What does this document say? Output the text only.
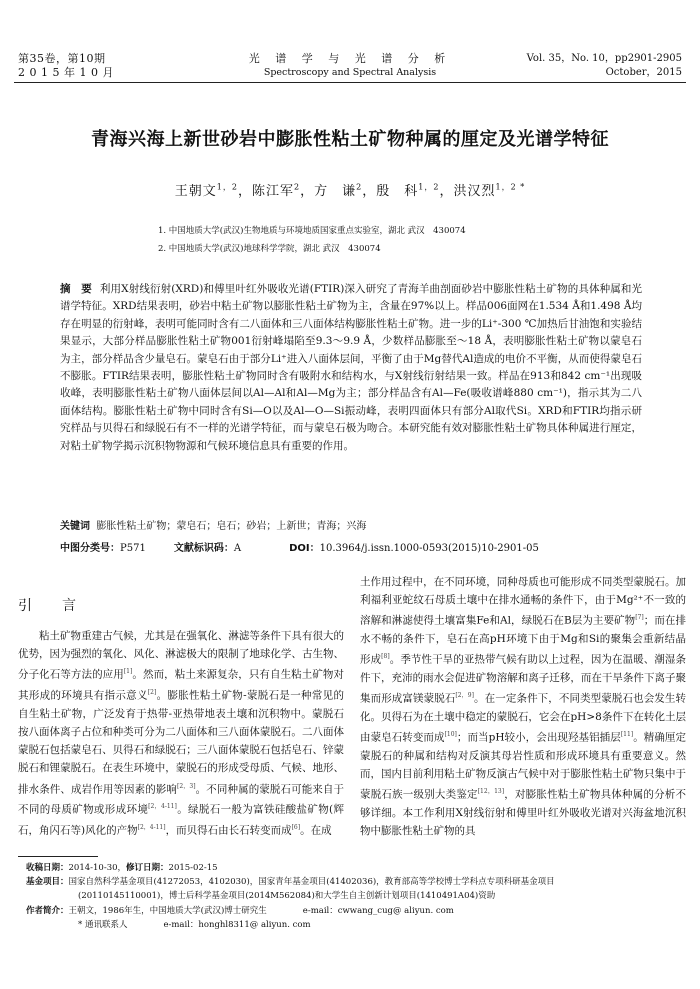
第35卷，第10期
2 0 1 5 年 1 0 月
光 谱 学 与 光 谱 分 析
Spectroscopy and Spectral Analysis
Vol. 35，No. 10，pp2901-2905
October，2015
青海兴海上新世砂岩中膨胀性粘土矿物种属的厘定及光谱学特征
王朝文$^{1,2}$，陈江军$^2$，方　谦$^2$，殷　科$^{1,2}$，洪汉烈$^{1,2 *}$
1. 中国地质大学(武汉)生物地质与环境地质国家重点实验室，湖北 武汉　430074
2. 中国地质大学(武汉)地球科学学院，湖北 武汉　430074
摘　要 利用X射线衍射(XRD)和傅里叶红外吸收光谱(FTIR)深入研究了青海羊曲剖面砂岩中膨胀性粘土矿物的具体种属和光谱学特征。XRD结果表明，砂岩中粘土矿物以膨胀性粘土矿物为主，含量在97%以上。样品006面网在1.534 Å和1.498 Å均存在明显的衍射峰，表明可能同时含有二八面体和三八面体结构膨胀性粘土矿物。进一步的Li⁺-300 ℃加热后甘油饱和实验结果显示，大部分样品膨胀性粘土矿物001衍射峰塌陷至9.3～9.9 Å，少数样品膨胀至～18 Å，表明膨胀性粘土矿物以蒙皂石为主，部分样品含少量皂石。蒙皂石由于部分Li⁺进入八面体层间，平衡了由于Mg替代Al造成的电价不平衡，从而使得蒙皂石不膨胀。FTIR结果表明，膨胀性粘土矿物同时含有吸附水和结构水，与X射线衍射结果一致。样品在913和842 cm⁻¹出现吸收峰，表明膨胀性粘土矿物八面体层间以Al—Al和Al—Mg为主；部分样品含有Al—Fe(吸收谱峰880 cm⁻¹)，指示其为二八面体结构。膨胀性粘土矿物中同时含有Si—O以及Al—O—Si振动峰，表明四面体只有部分Al取代Si。XRD和FTIR均指示研究样品与贝得石和绿脱石有不一样的光谱学特征，而与蒙皂石极为吻合。本研究能有效对膨胀性粘土矿物具体种属进行厘定，对粘土矿物学揭示沉积物物源和气候环境信息具有重要的作用。
关键词 膨胀性粘土矿物；蒙皂石；皂石；砂岩；上新世；青海；兴海
中图分类号：P571	文献标识码：A	DOI：10.3964/j.issn.1000-0593(2015)10-2901-05
引　言

粘土矿物重建古气候，尤其是在强氧化、淋滤等条件下具有很大的优势，因为强烈的氧化、风化、淋滤极大的限制了地球化学、古生物、分子化石等方法的应用[1]。然而，粘土来源复杂，只有自生粘土矿物对其形成的环境具有指示意义[2]。膨胀性粘土矿物-蒙脱石是一种常见的自生粘土矿物，广泛发育于热带-亚热带地表土壤和沉积物中。蒙脱石按八面体离子占位和种类可分为二八面体和三八面体蒙脱石。二八面体蒙脱石包括蒙皂石、贝得石和绿脱石；三八面体蒙脱石包括皂石、锌蒙脱石和锂蒙脱石。在表生环境中，蒙脱石的形成受母质、气候、地形、排水条件、成岩作用等因素的影响[2，3]。不同种属的蒙脱石可能来自于不同的母质矿物或形成环境[2，4-11]。绿脱石一般为富铁硅酸盐矿物(辉石，角闪石等)风化的产物[2，4-11]，而贝得石由长石转变而成[6]。在成

土作用过程中，在不同环境，同种母质也可能形成不同类型蒙脱石。加利福利亚蛇纹石母质土壤中在排水通畅的条件下，由于Mg²⁺不一致的溶解和淋滤使得土壤富集Fe和Al，绿脱石在B层为主要矿物[7]；而在排水不畅的条件下，皂石在高pH环境下由于Mg和Si的聚集会重新结晶形成[8]。季节性干旱的亚热带气候有助以上过程，因为在温暖、潮湿条件下，充沛的雨水会促进矿物溶解和离子迁移，而在干旱条件下离子聚集而形成富镁蒙脱石[2，9]。在一定条件下，不同类型蒙脱石也会发生转化。贝得石为在土壤中稳定的蒙脱石，它会在pH>8条件下在转化土层由蒙皂石转变而成[10]；而当pH较小，会出现羟基铝插层[11]。精确厘定蒙脱石的种属和结构对反演其母岩性质和形成环境具有重要意义。然而，国内目前利用粘土矿物反演古气候中对于膨胀性粘土矿物只集中于蒙脱石族一级别大类鉴定[12，13]，对膨胀性粘土矿物具体种属的分析不够详细。本工作利用X射线衍射和傅里叶红外吸收光谱对兴海盆地沉积物中膨胀性粘土矿物的具

收稿日期：2014-10-30，修订日期：2015-02-15
基金项目：国家自然科学基金项目(41272053，4102030)，国家青年基金项目(41402036)，教育部高等学校博士学科点专项科研基金项目
(20110145110001)，博士后科学基金项目(2014M562084)和大学生自主创新计划项目(1410491A04)资助
作者简介：王朝文，1986年生，中国地质大学(武汉)博士研究生	e-mail：cwwang_cug@ aliyun. com
* 通讯联系人	e-mail：honghl8311@ aliyun. com
